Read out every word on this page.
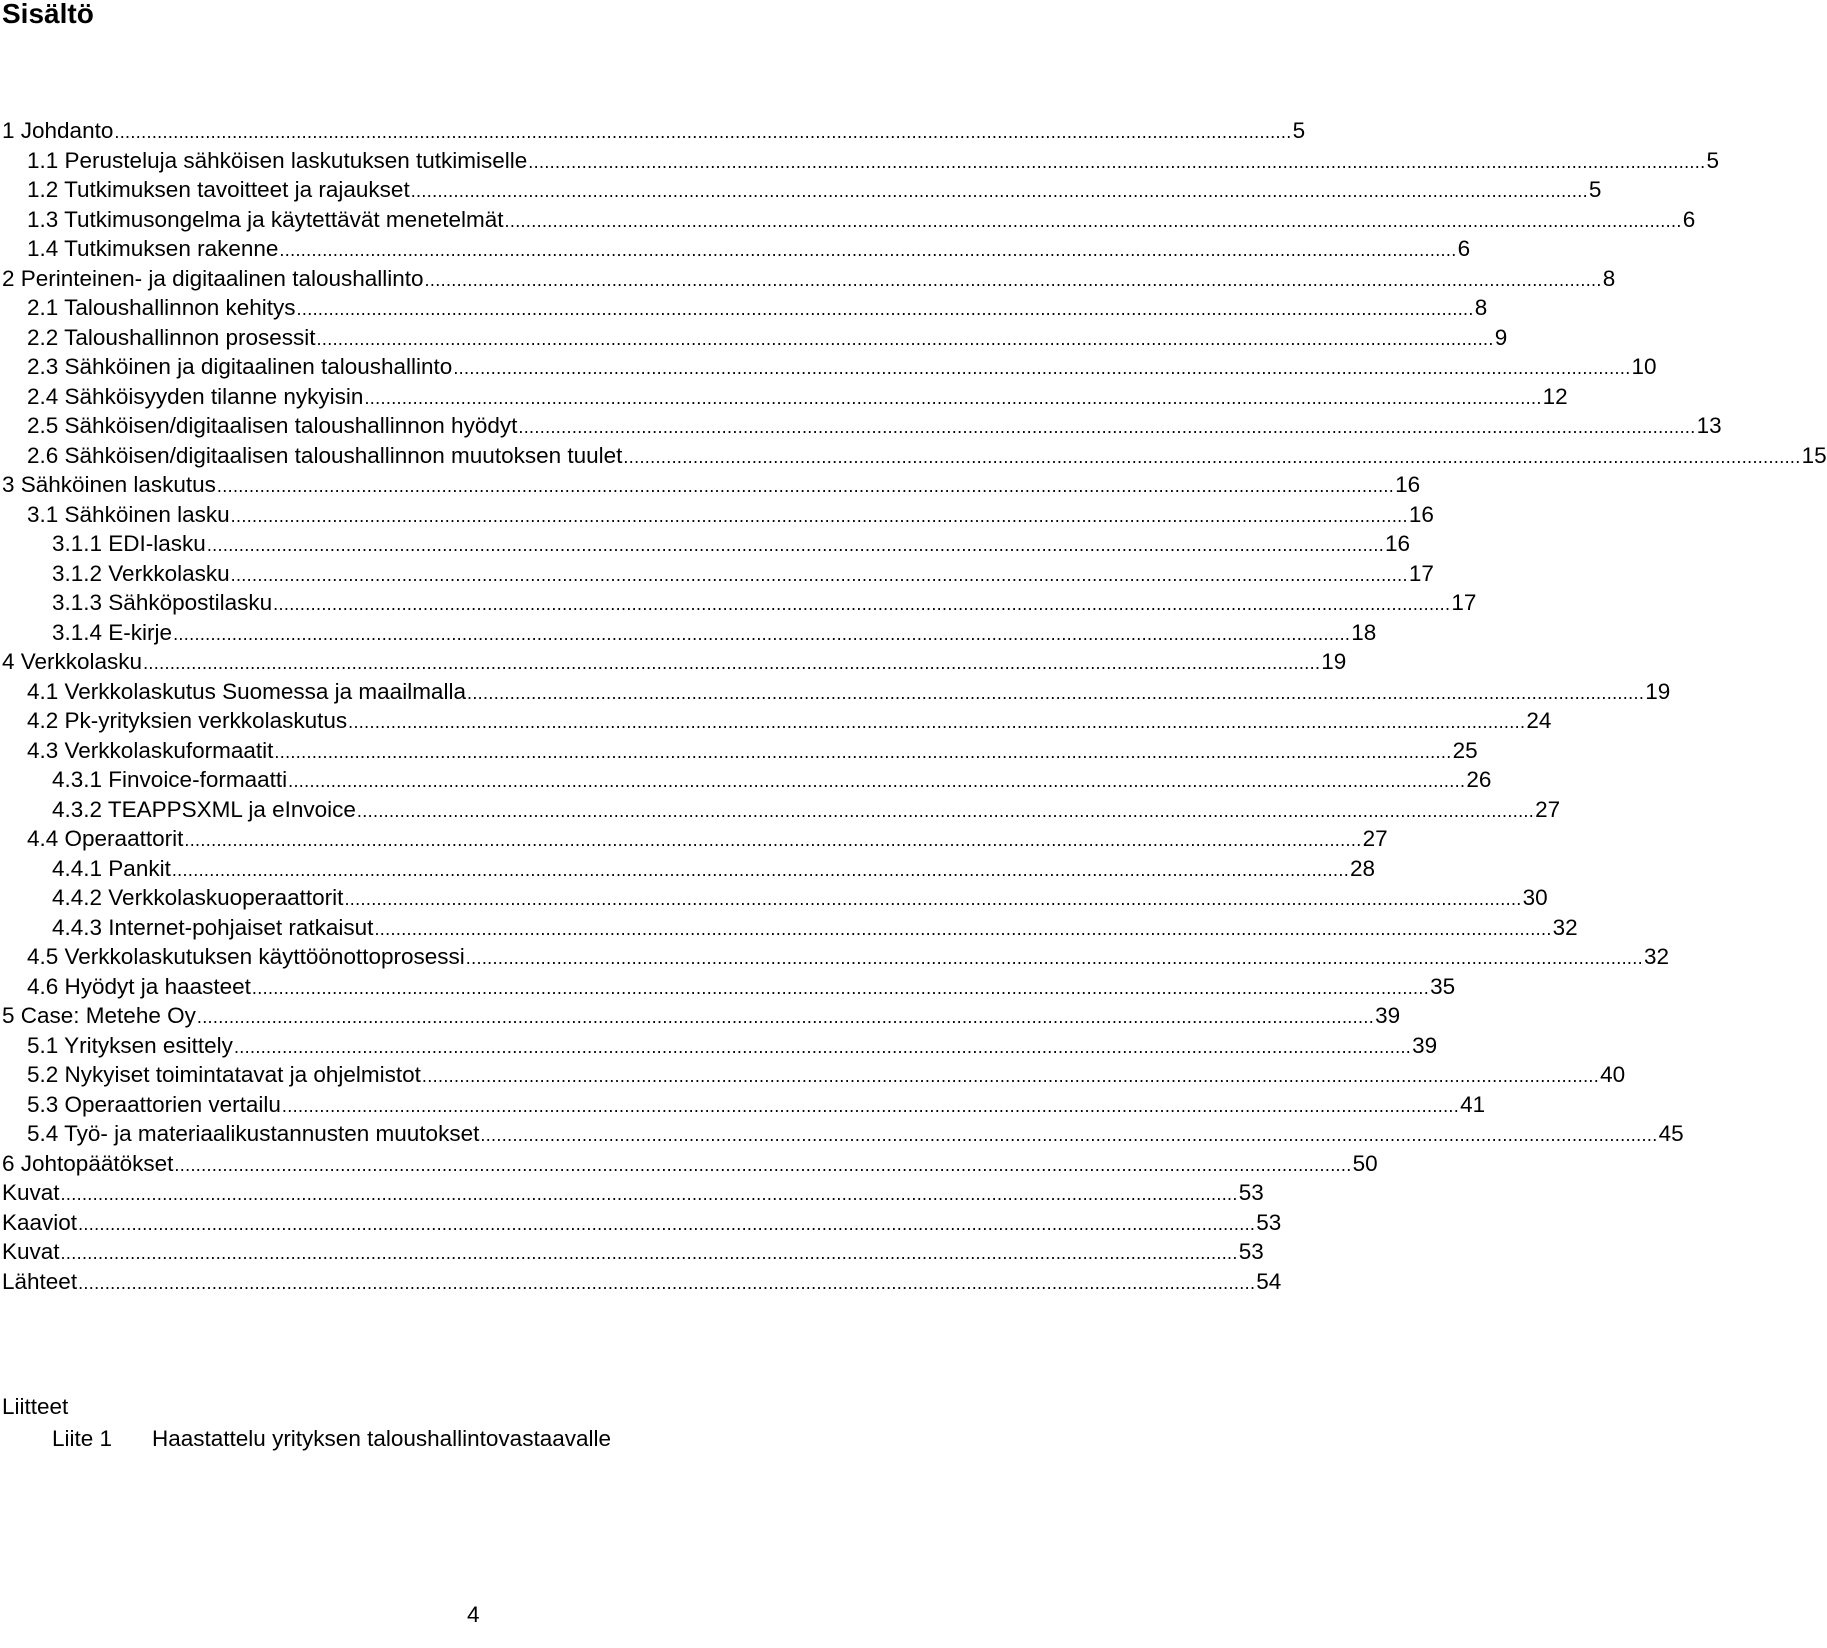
Sisältö
1 Johdanto ............................................................................................................................................................................................................................ 5
1.1 Perusteluja sähköisen laskutuksen tutkimiselle ............................................................................................................................................................................................................................ 5
1.2 Tutkimuksen tavoitteet ja rajaukset ............................................................................................................................................................................................................................ 5
1.3 Tutkimusongelma ja käytettävät menetelmät ............................................................................................................................................................................................................................ 6
1.4 Tutkimuksen rakenne ............................................................................................................................................................................................................................ 6
2 Perinteinen- ja digitaalinen taloushallinto ............................................................................................................................................................................................................................ 8
2.1 Taloushallinnon kehitys ............................................................................................................................................................................................................................ 8
2.2 Taloushallinnon prosessit ............................................................................................................................................................................................................................ 9
2.3 Sähköinen ja digitaalinen taloushallinto ............................................................................................................................................................................................................................ 10
2.4 Sähköisyyden tilanne nykyisin ............................................................................................................................................................................................................................ 12
2.5 Sähköisen/digitaalisen taloushallinnon hyödyt ............................................................................................................................................................................................................................ 13
2.6 Sähköisen/digitaalisen taloushallinnon muutoksen tuulet ............................................................................................................................................................................................................................ 15
3 Sähköinen laskutus ............................................................................................................................................................................................................................ 16
3.1 Sähköinen lasku ............................................................................................................................................................................................................................ 16
3.1.1 EDI-lasku ............................................................................................................................................................................................................................ 16
3.1.2 Verkkolasku ............................................................................................................................................................................................................................ 17
3.1.3 Sähköpostilasku ............................................................................................................................................................................................................................ 17
3.1.4 E-kirje ............................................................................................................................................................................................................................ 18
4 Verkkolasku ............................................................................................................................................................................................................................ 19
4.1 Verkkolaskutus Suomessa ja maailmalla ............................................................................................................................................................................................................................ 19
4.2 Pk-yrityksien verkkolaskutus ............................................................................................................................................................................................................................ 24
4.3 Verkkolaskuformaatit ............................................................................................................................................................................................................................ 25
4.3.1 Finvoice-formaatti ............................................................................................................................................................................................................................ 26
4.3.2 TEAPPSXML ja eInvoice ............................................................................................................................................................................................................................ 27
4.4 Operaattorit ............................................................................................................................................................................................................................ 27
4.4.1 Pankit ............................................................................................................................................................................................................................ 28
4.4.2 Verkkolaskuoperaattorit ............................................................................................................................................................................................................................ 30
4.4.3 Internet-pohjaiset ratkaisut ............................................................................................................................................................................................................................ 32
4.5 Verkkolaskutuksen käyttöönottoprosessi ............................................................................................................................................................................................................................ 32
4.6 Hyödyt ja haasteet ............................................................................................................................................................................................................................ 35
5 Case: Metehe Oy ............................................................................................................................................................................................................................ 39
5.1 Yrityksen esittely ............................................................................................................................................................................................................................ 39
5.2 Nykyiset toimintatavat ja ohjelmistot ............................................................................................................................................................................................................................ 40
5.3 Operaattorien vertailu ............................................................................................................................................................................................................................ 41
5.4 Työ- ja materiaalikustannusten muutokset ............................................................................................................................................................................................................................ 45
6 Johtopäätökset ............................................................................................................................................................................................................................ 50
Kuvat ............................................................................................................................................................................................................................ 53
Kaaviot ............................................................................................................................................................................................................................ 53
Kuvat ............................................................................................................................................................................................................................ 53
Lähteet ............................................................................................................................................................................................................................ 54
Liitteet
Liite 1 Haastattelu yrityksen taloushallintovastaavalle
4
